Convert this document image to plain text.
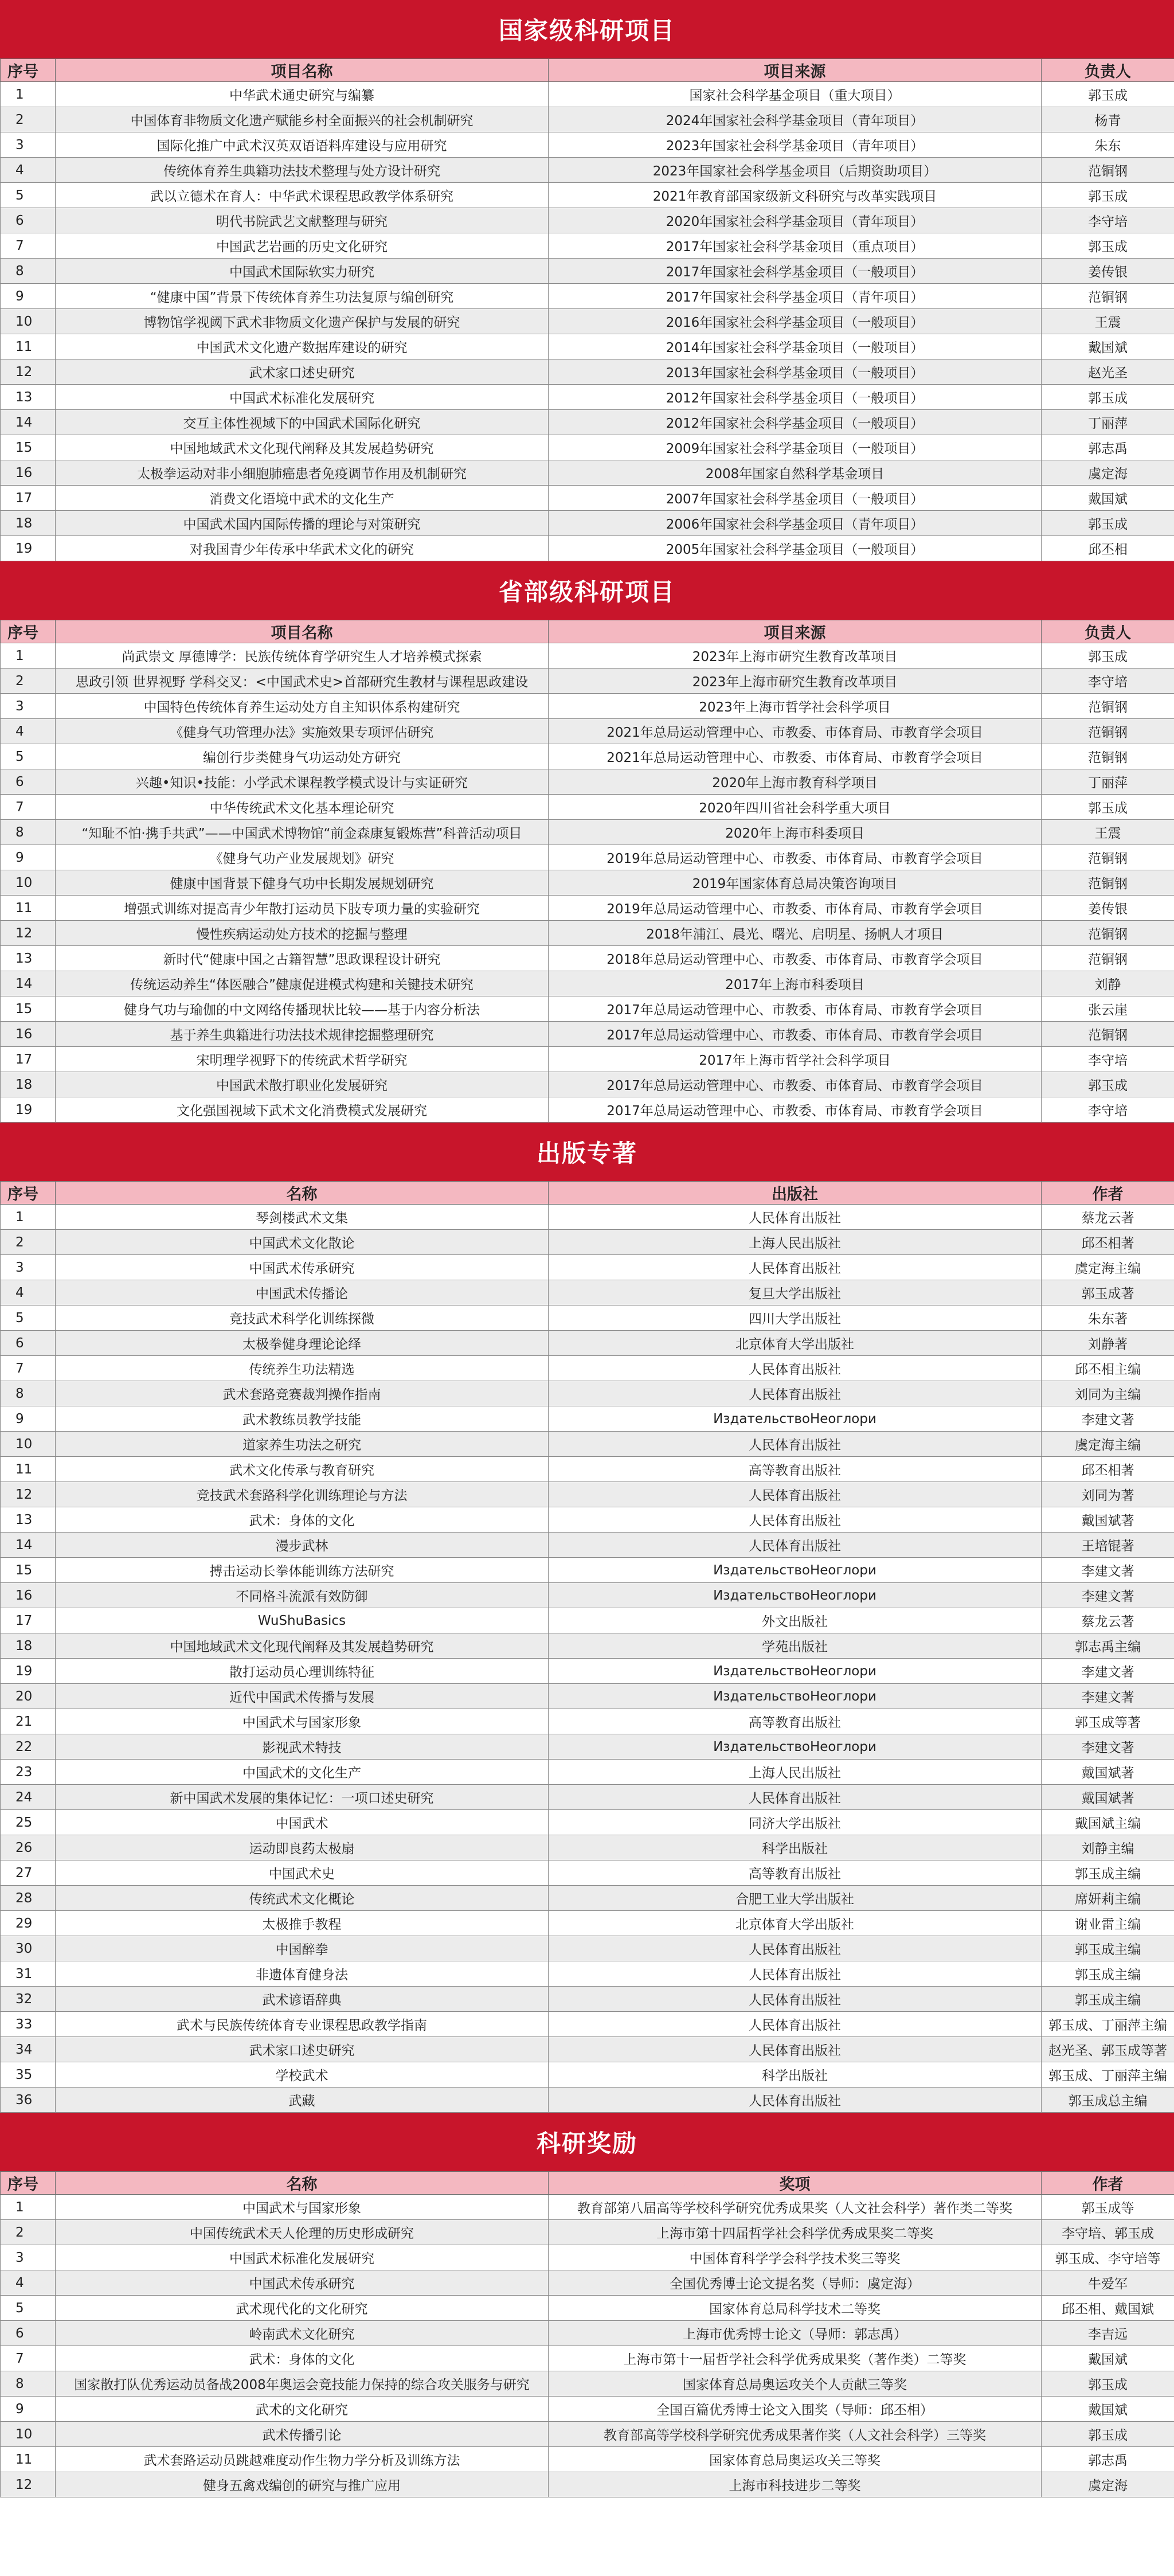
国家级科研项目
序号	项目名称	项目来源	负责人
1	中华武术通史研究与编纂	国家社会科学基金项目（重大项目）	郭玉成
2	中国体育非物质文化遗产赋能乡村全面振兴的社会机制研究	2024年国家社会科学基金项目（青年项目）	杨青
3	国际化推广中武术汉英双语语料库建设与应用研究	2023年国家社会科学基金项目（青年项目）	朱东
4	传统体育养生典籍功法技术整理与处方设计研究	2023年国家社会科学基金项目（后期资助项目）	范铜钢
5	武以立德术在育人：中华武术课程思政教学体系研究	2021年教育部国家级新文科研究与改革实践项目	郭玉成
6	明代书院武艺文献整理与研究	2020年国家社会科学基金项目（青年项目）	李守培
7	中国武艺岩画的历史文化研究	2017年国家社会科学基金项目（重点项目）	郭玉成
8	中国武术国际软实力研究	2017年国家社会科学基金项目（一般项目）	姜传银
9	“健康中国”背景下传统体育养生功法复原与编创研究	2017年国家社会科学基金项目（青年项目）	范铜钢
10	博物馆学视阈下武术非物质文化遗产保护与发展的研究	2016年国家社会科学基金项目（一般项目）	王震
11	中国武术文化遗产数据库建设的研究	2014年国家社会科学基金项目（一般项目）	戴国斌
12	武术家口述史研究	2013年国家社会科学基金项目（一般项目）	赵光圣
13	中国武术标准化发展研究	2012年国家社会科学基金项目（一般项目）	郭玉成
14	交互主体性视域下的中国武术国际化研究	2012年国家社会科学基金项目（一般项目）	丁丽萍
15	中国地域武术文化现代阐释及其发展趋势研究	2009年国家社会科学基金项目（一般项目）	郭志禹
16	太极拳运动对非小细胞肺癌患者免疫调节作用及机制研究	2008年国家自然科学基金项目	虞定海
17	消费文化语境中武术的文化生产	2007年国家社会科学基金项目（一般项目）	戴国斌
18	中国武术国内国际传播的理论与对策研究	2006年国家社会科学基金项目（青年项目）	郭玉成
19	对我国青少年传承中华武术文化的研究	2005年国家社会科学基金项目（一般项目）	邱丕相
省部级科研项目
序号	项目名称	项目来源	负责人
1	尚武崇文 厚德博学：民族传统体育学研究生人才培养模式探索	2023年上海市研究生教育改革项目	郭玉成
2	思政引领 世界视野 学科交叉：<中国武术史>首部研究生教材与课程思政建设	2023年上海市研究生教育改革项目	李守培
3	中国特色传统体育养生运动处方自主知识体系构建研究	2023年上海市哲学社会科学项目	范铜钢
4	《健身气功管理办法》实施效果专项评估研究	2021年总局运动管理中心、市教委、市体育局、市教育学会项目	范铜钢
5	编创行步类健身气功运动处方研究	2021年总局运动管理中心、市教委、市体育局、市教育学会项目	范铜钢
6	兴趣•知识•技能：小学武术课程教学模式设计与实证研究	2020年上海市教育科学项目	丁丽萍
7	中华传统武术文化基本理论研究	2020年四川省社会科学重大项目	郭玉成
8	“知耻不怕·携手共武”——中国武术博物馆“前金森康复锻炼营”科普活动项目	2020年上海市科委项目	王震
9	《健身气功产业发展规划》研究	2019年总局运动管理中心、市教委、市体育局、市教育学会项目	范铜钢
10	健康中国背景下健身气功中长期发展规划研究	2019年国家体育总局决策咨询项目	范铜钢
11	增强式训练对提高青少年散打运动员下肢专项力量的实验研究	2019年总局运动管理中心、市教委、市体育局、市教育学会项目	姜传银
12	慢性疾病运动处方技术的挖掘与整理	2018年浦江、晨光、曙光、启明星、扬帆人才项目	范铜钢
13	新时代“健康中国之古籍智慧”思政课程设计研究	2018年总局运动管理中心、市教委、市体育局、市教育学会项目	范铜钢
14	传统运动养生“体医融合”健康促进模式构建和关键技术研究	2017年上海市科委项目	刘静
15	健身气功与瑜伽的中文网络传播现状比较——基于内容分析法	2017年总局运动管理中心、市教委、市体育局、市教育学会项目	张云崖
16	基于养生典籍进行功法技术规律挖掘整理研究	2017年总局运动管理中心、市教委、市体育局、市教育学会项目	范铜钢
17	宋明理学视野下的传统武术哲学研究	2017年上海市哲学社会科学项目	李守培
18	中国武术散打职业化发展研究	2017年总局运动管理中心、市教委、市体育局、市教育学会项目	郭玉成
19	文化强国视域下武术文化消费模式发展研究	2017年总局运动管理中心、市教委、市体育局、市教育学会项目	李守培
出版专著
序号	名称	出版社	作者
1	琴剑楼武术文集	人民体育出版社	蔡龙云著
2	中国武术文化散论	上海人民出版社	邱丕相著
3	中国武术传承研究	人民体育出版社	虞定海主编
4	中国武术传播论	复旦大学出版社	郭玉成著
5	竞技武术科学化训练探微	四川大学出版社	朱东著
6	太极拳健身理论论绎	北京体育大学出版社	刘静著
7	传统养生功法精选	人民体育出版社	邱丕相主编
8	武术套路竞赛裁判操作指南	人民体育出版社	刘同为主编
9	武术教练员教学技能	ИздательствоНеоглори	李建文著
10	道家养生功法之研究	人民体育出版社	虞定海主编
11	武术文化传承与教育研究	高等教育出版社	邱丕相著
12	竞技武术套路科学化训练理论与方法	人民体育出版社	刘同为著
13	武术：身体的文化	人民体育出版社	戴国斌著
14	漫步武林	人民体育出版社	王培锟著
15	搏击运动长拳体能训练方法研究	ИздательствоНеоглори	李建文著
16	不同格斗流派有效防御	ИздательствоНеоглори	李建文著
17	WuShuBasics	外文出版社	蔡龙云著
18	中国地域武术文化现代阐释及其发展趋势研究	学苑出版社	郭志禹主编
19	散打运动员心理训练特征	ИздательствоНеоглори	李建文著
20	近代中国武术传播与发展	ИздательствоНеоглори	李建文著
21	中国武术与国家形象	高等教育出版社	郭玉成等著
22	影视武术特技	ИздательствоНеоглори	李建文著
23	中国武术的文化生产	上海人民出版社	戴国斌著
24	新中国武术发展的集体记忆：一项口述史研究	人民体育出版社	戴国斌著
25	中国武术	同济大学出版社	戴国斌主编
26	运动即良药太极扇	科学出版社	刘静主编
27	中国武术史	高等教育出版社	郭玉成主编
28	传统武术文化概论	合肥工业大学出版社	席妍莉主编
29	太极推手教程	北京体育大学出版社	谢业雷主编
30	中国醉拳	人民体育出版社	郭玉成主编
31	非遗体育健身法	人民体育出版社	郭玉成主编
32	武术谚语辞典	人民体育出版社	郭玉成主编
33	武术与民族传统体育专业课程思政教学指南	人民体育出版社	郭玉成、丁丽萍主编
34	武术家口述史研究	人民体育出版社	赵光圣、郭玉成等著
35	学校武术	科学出版社	郭玉成、丁丽萍主编
36	武藏	人民体育出版社	郭玉成总主编
科研奖励
序号	名称	奖项	作者
1	中国武术与国家形象	教育部第八届高等学校科学研究优秀成果奖（人文社会科学）著作类二等奖	郭玉成等
2	中国传统武术天人伦理的历史形成研究	上海市第十四届哲学社会科学优秀成果奖二等奖	李守培、郭玉成
3	中国武术标准化发展研究	中国体育科学学会科学技术奖三等奖	郭玉成、李守培等
4	中国武术传承研究	全国优秀博士论文提名奖（导师：虞定海）	牛爱军
5	武术现代化的文化研究	国家体育总局科学技术二等奖	邱丕相、戴国斌
6	岭南武术文化研究	上海市优秀博士论文（导师：郭志禹）	李吉远
7	武术：身体的文化	上海市第十一届哲学社会科学优秀成果奖（著作类）二等奖	戴国斌
8	国家散打队优秀运动员备战2008年奥运会竞技能力保持的综合攻关服务与研究	国家体育总局奥运攻关个人贡献三等奖	郭玉成
9	武术的文化研究	全国百篇优秀博士论文入围奖（导师：邱丕相）	戴国斌
10	武术传播引论	教育部高等学校科学研究优秀成果著作奖（人文社会科学）三等奖	郭玉成
11	武术套路运动员跳越难度动作生物力学分析及训练方法	国家体育总局奥运攻关三等奖	郭志禹
12	健身五禽戏编创的研究与推广应用	上海市科技进步二等奖	虞定海
